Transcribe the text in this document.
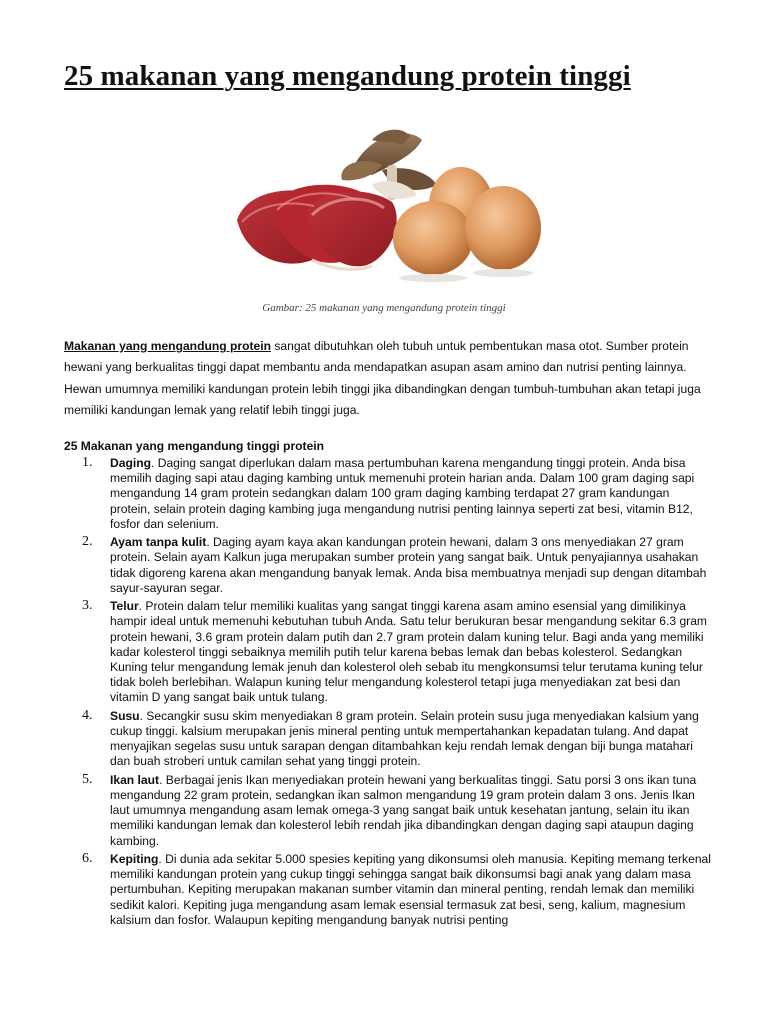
25 makanan yang mengandung protein tinggi
Gambar: 25 makanan yang mengandung protein tinggi

Makanan yang mengandung protein sangat dibutuhkan oleh tubuh untuk pembentukan masa otot. Sumber protein hewani yang berkualitas tinggi dapat membantu anda mendapatkan asupan asam amino dan nutrisi penting lainnya. Hewan umumnya memiliki kandungan protein lebih tinggi jika dibandingkan dengan tumbuh-tumbuhan akan tetapi juga memiliki kandungan lemak yang relatif lebih tinggi juga.

25 Makanan yang mengandung tinggi protein
1. Daging. Daging sangat diperlukan dalam masa pertumbuhan karena mengandung tinggi protein. Anda bisa memilih daging sapi atau daging kambing untuk memenuhi protein harian anda. Dalam 100 gram daging sapi mengandung 14 gram protein sedangkan dalam 100 gram daging kambing terdapat 27 gram kandungan protein, selain protein daging kambing juga mengandung nutrisi penting lainnya seperti zat besi, vitamin B12, fosfor dan selenium.
2. Ayam tanpa kulit. Daging ayam kaya akan kandungan protein hewani, dalam 3 ons menyediakan 27 gram protein. Selain ayam Kalkun juga merupakan sumber protein yang sangat baik. Untuk penyajiannya usahakan tidak digoreng karena akan mengandung banyak lemak. Anda bisa membuatnya menjadi sup dengan ditambah sayur-sayuran segar.
3. Telur. Protein dalam telur memiliki kualitas yang sangat tinggi karena asam amino esensial yang dimilikinya hampir ideal untuk memenuhi kebutuhan tubuh Anda. Satu telur berukuran besar mengandung sekitar 6.3 gram protein hewani, 3.6 gram protein dalam putih dan 2.7 gram protein dalam kuning telur. Bagi anda yang memiliki kadar kolesterol tinggi sebaiknya memilih putih telur karena bebas lemak dan bebas kolesterol. Sedangkan Kuning telur mengandung lemak jenuh dan kolesterol oleh sebab itu mengkonsumsi telur terutama kuning telur tidak boleh berlebihan. Walapun kuning telur mengandung kolesterol tetapi juga menyediakan zat besi dan vitamin D yang sangat baik untuk tulang.
4. Susu. Secangkir susu skim menyediakan 8 gram protein. Selain protein susu juga menyediakan kalsium yang cukup tinggi. kalsium merupakan jenis mineral penting untuk mempertahankan kepadatan tulang. And dapat menyajikan segelas susu untuk sarapan dengan ditambahkan keju rendah lemak dengan biji bunga matahari dan buah stroberi untuk camilan sehat yang tinggi protein.
5. Ikan laut. Berbagai jenis Ikan menyediakan protein hewani yang berkualitas tinggi. Satu porsi 3 ons ikan tuna mengandung 22 gram protein, sedangkan ikan salmon mengandung 19 gram protein dalam 3 ons. Jenis Ikan laut umumnya mengandung asam lemak omega-3 yang sangat baik untuk kesehatan jantung, selain itu ikan memiliki kandungan lemak dan kolesterol lebih rendah jika dibandingkan dengan daging sapi ataupun daging kambing.
6. Kepiting. Di dunia ada sekitar 5.000 spesies kepiting yang dikonsumsi oleh manusia. Kepiting memang terkenal memiliki kandungan protein yang cukup tinggi sehingga sangat baik dikonsumsi bagi anak yang dalam masa pertumbuhan. Kepiting merupakan makanan sumber vitamin dan mineral penting, rendah lemak dan memiliki sedikit kalori. Kepiting juga mengandung asam lemak esensial termasuk zat besi, seng, kalium, magnesium kalsium dan fosfor. Walaupun kepiting mengandung banyak nutrisi penting
